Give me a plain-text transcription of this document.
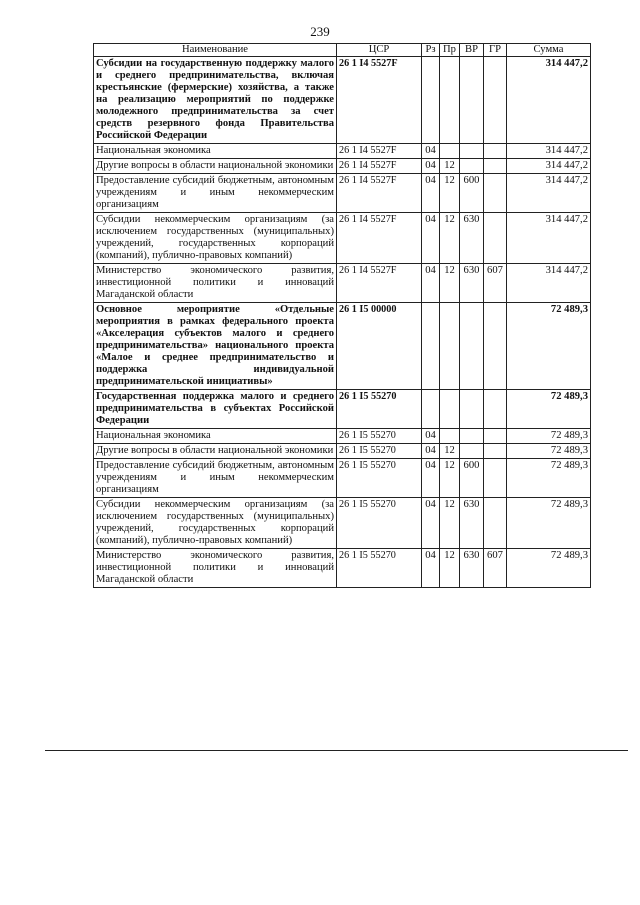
239
Наименование	ЦСР	Рз	Пр	ВР	ГР	Сумма
Субсидии на государственную поддержку малого и среднего предпринимательства, включая крестьянские (фермерские) хозяйства, а также на реализацию мероприятий по поддержке молодежного предпринимательства за счет средств резервного фонда Правительства Российской Федерации	26 1 I4 5527F					314 447,2
Национальная экономика	26 1 I4 5527F	04				314 447,2
Другие вопросы в области национальной экономики	26 1 I4 5527F	04	12			314 447,2
Предоставление субсидий бюджетным, автономным учреждениям и иным некоммерческим организациям	26 1 I4 5527F	04	12	600		314 447,2
Субсидии некоммерческим организациям (за исключением государственных (муниципальных) учреждений, государственных корпораций (компаний), публично-правовых компаний)	26 1 I4 5527F	04	12	630		314 447,2
Министерство экономического развития, инвестиционной политики и инноваций Магаданской области	26 1 I4 5527F	04	12	630	607	314 447,2
Основное мероприятие «Отдельные мероприятия в рамках федерального проекта «Акселерация субъектов малого и среднего предпринимательства» национального проекта «Малое и среднее предпринимательство и поддержка индивидуальной предпринимательской инициативы»	26 1 I5 00000					72 489,3
Государственная поддержка малого и среднего предпринимательства в субъектах Российской Федерации	26 1 I5 55270					72 489,3
Национальная экономика	26 1 I5 55270	04				72 489,3
Другие вопросы в области национальной экономики	26 1 I5 55270	04	12			72 489,3
Предоставление субсидий бюджетным, автономным учреждениям и иным некоммерческим организациям	26 1 I5 55270	04	12	600		72 489,3
Субсидии некоммерческим организациям (за исключением государственных (муниципальных) учреждений, государственных корпораций (компаний), публично-правовых компаний)	26 1 I5 55270	04	12	630		72 489,3
Министерство экономического развития, инвестиционной политики и инноваций Магаданской области	26 1 I5 55270	04	12	630	607	72 489,3
